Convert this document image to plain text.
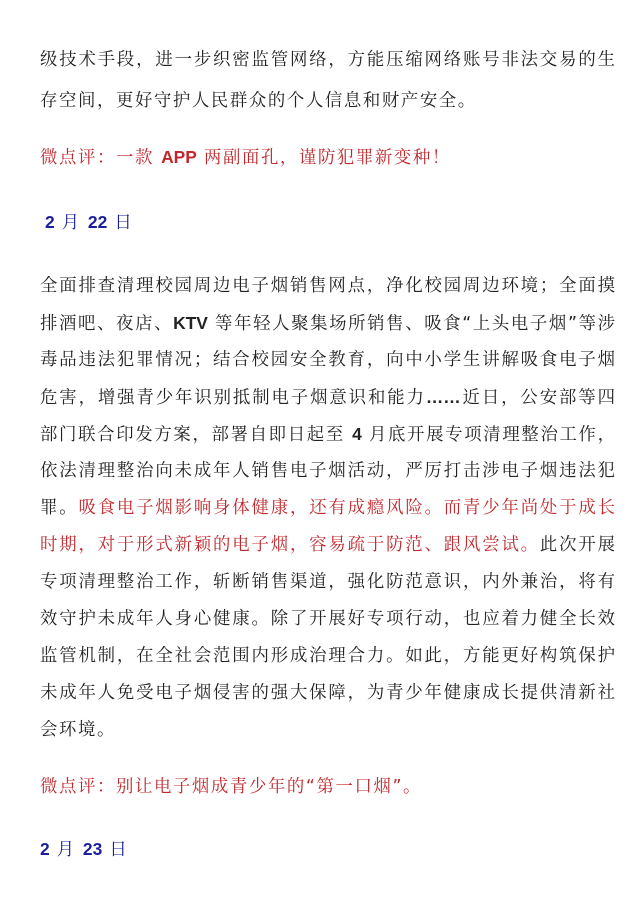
级技术手段，进一步织密监管网络，方能压缩网络账号非法交易的生
存空间，更好守护人民群众的个人信息和财产安全。
微点评：一款 APP 两副面孔，谨防犯罪新变种！
2 月 22 日
全面排查清理校园周边电子烟销售网点，净化校园周边环境；全面摸
排酒吧、夜店、KTV 等年轻人聚集场所销售、吸食“上头电子烟”等涉
毒品违法犯罪情况；结合校园安全教育，向中小学生讲解吸食电子烟
危害，增强青少年识别抵制电子烟意识和能力……近日，公安部等四
部门联合印发方案，部署自即日起至 4 月底开展专项清理整治工作，
依法清理整治向未成年人销售电子烟活动，严厉打击涉电子烟违法犯
罪。吸食电子烟影响身体健康，还有成瘾风险。而青少年尚处于成长
时期，对于形式新颖的电子烟，容易疏于防范、跟风尝试。此次开展
专项清理整治工作，斩断销售渠道，强化防范意识，内外兼治，将有
效守护未成年人身心健康。除了开展好专项行动，也应着力健全长效
监管机制，在全社会范围内形成治理合力。如此，方能更好构筑保护
未成年人免受电子烟侵害的强大保障，为青少年健康成长提供清新社
会环境。
微点评：别让电子烟成青少年的“第一口烟”。
2 月 23 日
